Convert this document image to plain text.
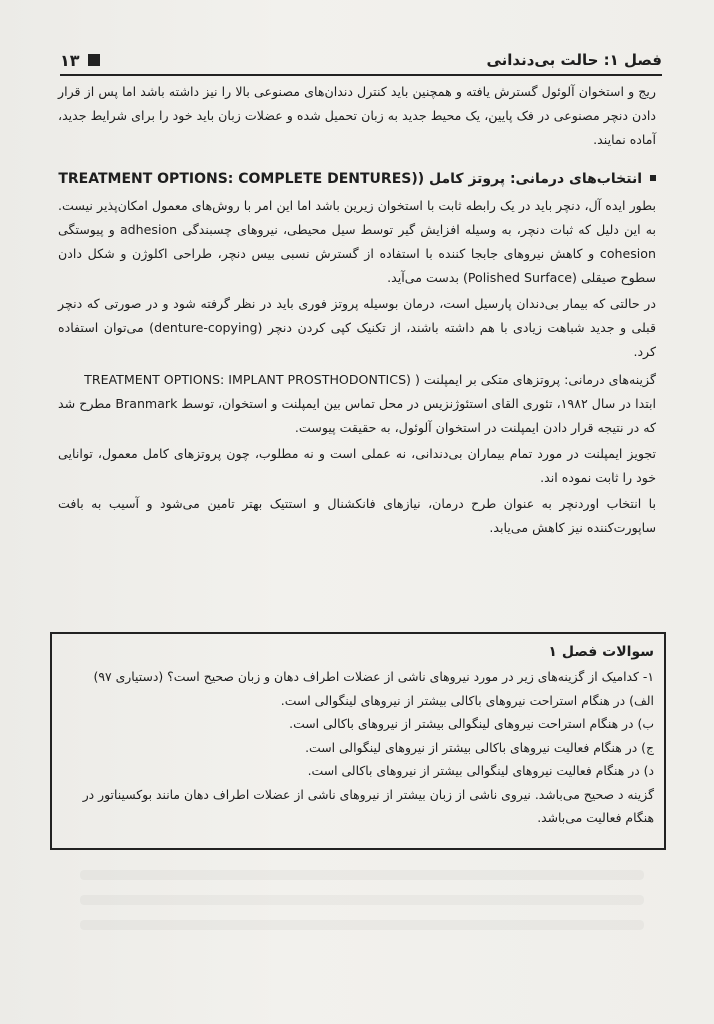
فصل ۱: حالت بی‌دندانی
۱۳

ریج و استخوان آلوئول گسترش یافته و همچنین باید کنترل دندان‌های مصنوعی بالا را نیز داشته باشد اما پس از قرار دادن دنچر مصنوعی در فک پایین، یک محیط جدید به زبان تحمیل شده و عضلات زبان باید خود را برای شرایط جدید، آماده نمایند.

انتخاب‌های درمانی: پروتز کامل (
TREATMENT OPTIONS: COMPLETE DENTURES)

بطور ایده آل، دنچر باید در یک رابطه ثابت با استخوان زیرین باشد اما این امر با روش‌های معمول امکان‌پذیر نیست. به این دلیل که ثبات دنچر، به وسیله افزایش گیر توسط سیل محیطی، نیروهای چسبندگی adhesion و پیوستگی cohesion و کاهش نیروهای جابجا کننده با استفاده از گسترش نسبی بیس دنچر، طراحی اکلوژن و شکل دادن سطوح صیقلی (Polished Surface) بدست می‌آید.

در حالتی که بیمار بی‌دندان پارسیل است، درمان بوسیله پروتز فوری باید در نظر گرفته شود و در صورتی که دنچر قبلی و جدید شباهت زیادی با هم داشته باشند، از تکنیک کپی کردن دنچر (denture-copying) می‌توان استفاده کرد.

گزینه‌های درمانی: پروتزهای متکی بر ایمپلنت ( TREATMENT OPTIONS: IMPLANT PROSTHODONTICS)

ابتدا در سال ۱۹۸۲، تئوری القای استئوژنزیس در محل تماس بین ایمپلنت و استخوان، توسط Branmark مطرح شد که در نتیجه قرار دادن ایمپلنت در استخوان آلوئول، به حقیقت پیوست.

تجویز ایمپلنت در مورد تمام بیماران بی‌دندانی، نه عملی است و نه مطلوب، چون پروتزهای کامل معمول، توانایی خود را ثابت نموده اند.

با انتخاب اوردنچر به عنوان طرح درمان، نیازهای فانکشنال و استتیک بهتر تامین می‌شود و آسیب به بافت ساپورت‌کننده نیز کاهش می‌یابد.

سوالات فصل ۱

۱- کدامیک از گزینه‌های زیر در مورد نیروهای ناشی از عضلات اطراف دهان و زبان صحیح است؟ (دستیاری ۹۷)

الف) در هنگام استراحت نیروهای باکالی بیشتر از نیروهای لینگوالی است.

ب) در هنگام استراحت نیروهای لینگوالی بیشتر از نیروهای باکالی است.

ج) در هنگام فعالیت نیروهای باکالی بیشتر از نیروهای لینگوالی است.

د) در هنگام فعالیت نیروهای لینگوالی بیشتر از نیروهای باکالی است.

گزینه د صحیح می‌باشد. نیروی ناشی از زبان بیشتر از نیروهای ناشی از عضلات اطراف دهان مانند بوکسیناتور در هنگام فعالیت می‌باشد.
